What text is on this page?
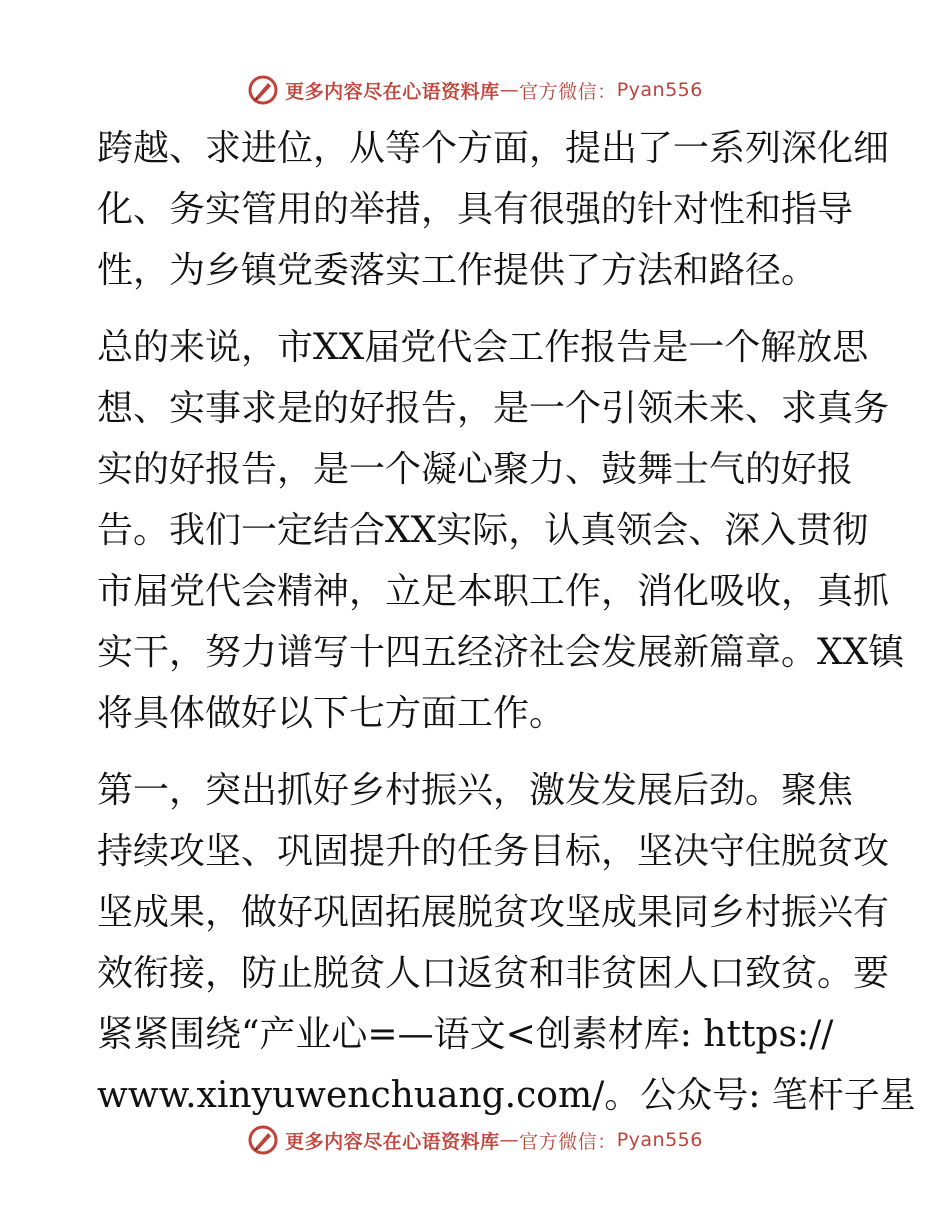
更多内容尽在心语资料库 — 官方微信： Pyan556
跨越、求进位，从等个方面，提出了一系列深化细
化、务实管用的举措，具有很强的针对性和指导
性，为乡镇党委落实工作提供了方法和路径。
总的来说，市XX届党代会工作报告是一个解放思
想、实事求是的好报告，是一个引领未来、求真务
实的好报告，是一个凝心聚力、鼓舞士气的好报
告。我们一定结合XX实际，认真领会、深入贯彻
市届党代会精神，立足本职工作，消化吸收，真抓
实干，努力谱写十四五经济社会发展新篇章。XX镇
将具体做好以下七方面工作。
第一，突出抓好乡村振兴，激发发展后劲。聚焦
持续攻坚、巩固提升的任务目标，坚决守住脱贫攻
坚成果，做好巩固拓展脱贫攻坚成果同乡村振兴有
效衔接，防止脱贫人口返贫和非贫困人口致贫。要
紧紧围绕“产业心=—语文<创素材库: https://
www.xinyuwenchuang.com/。公众号: 笔杆子星
更多内容尽在心语资料库 — 官方微信： Pyan556
